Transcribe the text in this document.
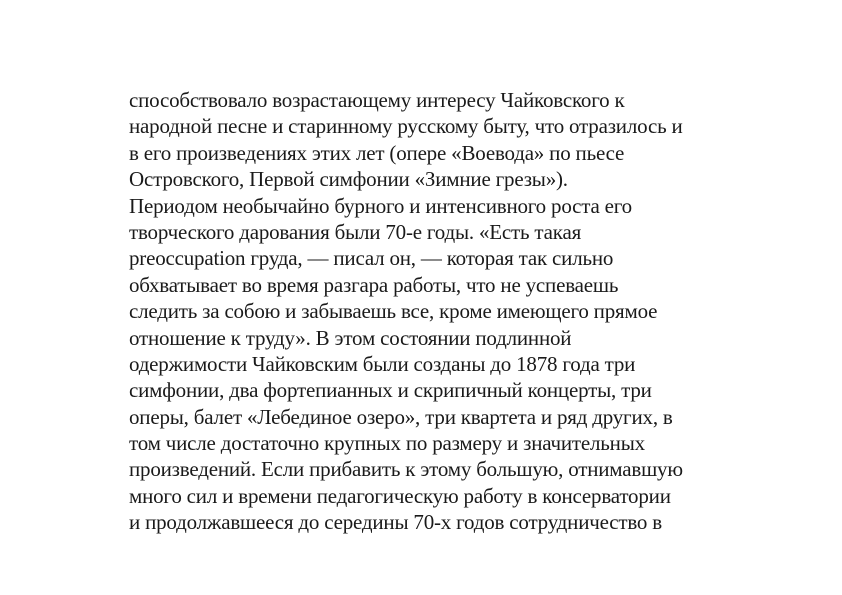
способствовало возрастающему интересу Чайковского к
народной песне и старинному русскому быту, что отразилось и
в его произведениях этих лет (опере «Воевода» по пьесе
Островского, Первой симфонии «Зимние грезы»).
Периодом необычайно бурного и интенсивного роста его
творческого дарования были 70-е годы. «Есть такая
preoccupation груда, — писал он, — которая так сильно
обхватывает во время разгара работы, что не успеваешь
следить за собою и забываешь все, кроме имеющего прямое
отношение к труду». В этом состоянии подлинной
одержимости Чайковским были созданы до 1878 года три
симфонии, два фортепианных и скрипичный концерты, три
оперы, балет «Лебединое озеро», три квартета и ряд других, в
том числе достаточно крупных по размеру и значительных
произведений. Если прибавить к этому большую, отнимавшую
много сил и времени педагогическую работу в консерватории
и продолжавшееся до середины 70-х годов сотрудничество в
